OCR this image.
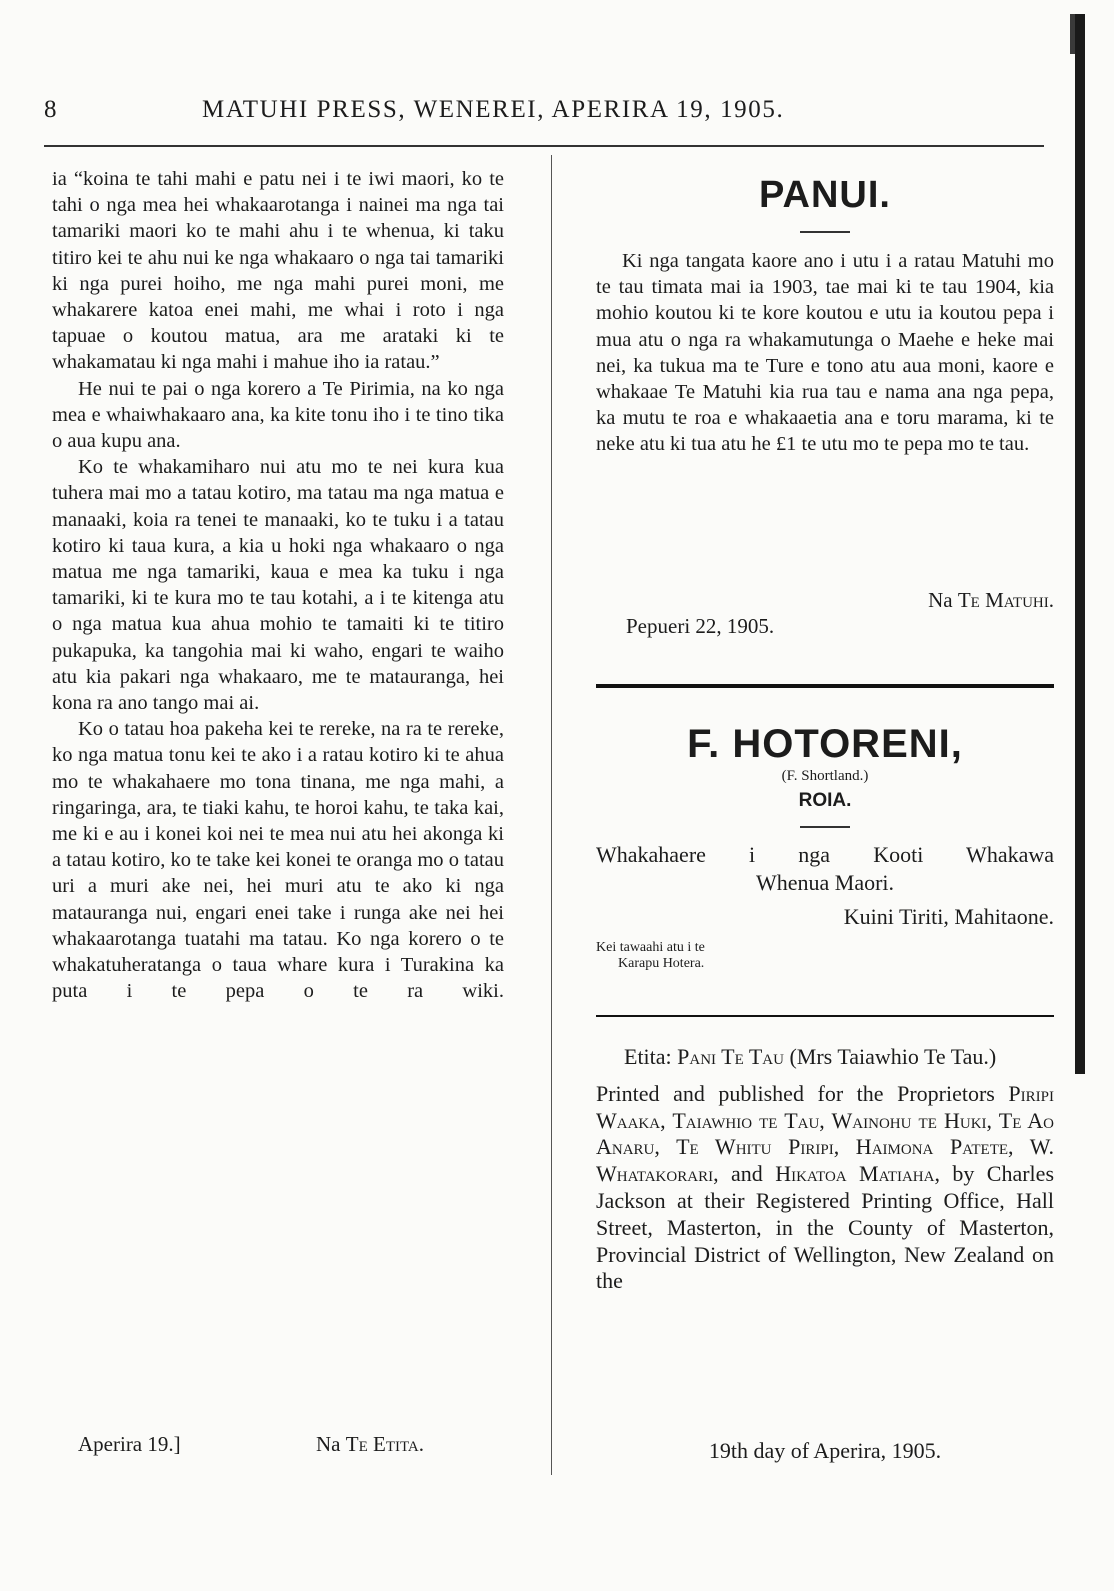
8	MATUHI PRESS, WENEREI, APERIRA 19, 1905.

ia “koina te tahi mahi e patu nei i te iwi maori, ko te tahi o nga mea hei whakaarotanga i nainei ma nga tai tamariki maori ko te mahi ahu i te whenua, ki taku titiro kei te ahu nui ke nga whakaaro o nga tai tamariki ki nga purei hoiho, me nga mahi purei moni, me whakarere katoa enei mahi, me whai i roto i nga tapuae o koutou matua, ara me arataki ki te whakamatau ki nga mahi i mahue iho ia ratau.”

He nui te pai o nga korero a Te Pirimia, na ko nga mea e whaiwhakaaro ana, ka kite tonu iho i te tino tika o aua kupu ana.

Ko te whakamiharo nui atu mo te nei kura kua tuhera mai mo a tatau kotiro, ma tatau ma nga matua e manaaki, koia ra tenei te manaaki, ko te tuku i a tatau kotiro ki taua kura, a kia u hoki nga whakaaro o nga matua me nga tamariki, kaua e mea ka tuku i nga tamariki, ki te kura mo te tau kotahi, a i te kitenga atu o nga matua kua ahua mohio te tamaiti ki te titiro pukapuka, ka tangohia mai ki waho, engari te waiho atu kia pakari nga whakaaro, me te matauranga, hei kona ra ano tango mai ai.

Ko o tatau hoa pakeha kei te rereke, na ra te rereke, ko nga matua tonu kei te ako i a ratau kotiro ki te ahua mo te whakahaere mo tona tinana, me nga mahi, a ringaringa, ara, te tiaki kahu, te horoi kahu, te taka kai, me ki e au i konei koi nei te mea nui atu hei akonga ki a tatau kotiro, ko te take kei konei te oranga mo o tatau uri a muri ake nei, hei muri atu te ako ki nga matauranga nui, engari enei take i runga ake nei hei whakaarotanga tuatahi ma tatau. Ko nga korero o te whakatuheratanga o taua whare kura i Turakina ka puta i te pepa o te ra wiki.

Aperira 19.]	Na Te Etita.
PANUI.

Ki nga tangata kaore ano i utu i a ratau Matuhi mo te tau timata mai ia 1903, tae mai ki te tau 1904, kia mohio koutou ki te kore koutou e utu ia koutou pepa i mua atu o nga ra whakamutunga o Maehe e heke mai nei, ka tukua ma te Ture e tono atu aua moni, kaore e whakaae Te Matuhi kia rua tau e nama ana nga pepa, ka mutu te roa e whakaaetia ana e toru marama, ki te neke atu ki tua atu he £1 te utu mo te pepa mo te tau.

Na Te Matuhi.
Pepueri 22, 1905.
F. HOTORENI,
(F. Shortland.)
ROIA.
Whakahaere i nga Kooti Whakawa
Whenua Maori.
Kuini Tiriti, Mahitaone.
Kei tawaahi atu i te
Karapu Hotera.

Etita: Pani Te Tau (Mrs Taiawhio Te Tau.)

Printed and published for the Proprietors Piripi Waaka, Taiawhio te Tau, Wainohu te Huki, Te Ao Anaru, Te Whitu Piripi, Haimona Patete, W. Whatakorari, and Hikatoa Matiaha, by Charles Jackson at their Registered Printing Office, Hall Street, Masterton, in the County of Masterton, Provincial District of Wellington, New Zealand on the

19th day of Aperira, 1905.
